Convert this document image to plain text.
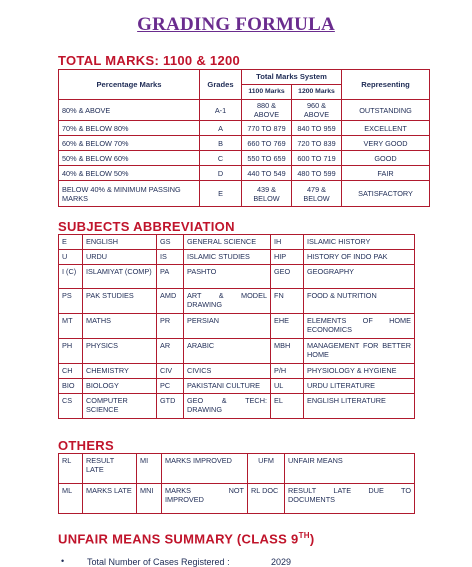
GRADING FORMULA
TOTAL MARKS: 1100 & 1200
Percentage Marks	Grades	Total Marks System		Representing
		1100 Marks	1200 Marks	
80% & ABOVE	A-1	880 & ABOVE	960 & ABOVE	OUTSTANDING
70% & BELOW 80%	A	770 TO 879	840 TO 959	EXCELLENT
60% & BELOW 70%	B	660 TO 769	720 TO 839	VERY GOOD
50% & BELOW 60%	C	550 TO 659	600 TO 719	GOOD
40% & BELOW 50%	D	440 TO 549	480 TO 599	FAIR
BELOW 40% & MINIMUM PASSING MARKS	E	439 & BELOW	479 & BELOW	SATISFACTORY
SUBJECTS ABBREVIATION
E	ENGLISH	GS	GENERAL SCIENCE	IH	ISLAMIC HISTORY
U	URDU	IS	ISLAMIC STUDIES	HIP	HISTORY OF INDO PAK
I (C)	ISLAMIYAT (COMP)	PA	PASHTO	GEO	GEOGRAPHY
PS	PAK STUDIES	AMD	ART & MODEL DRAWING	FN	FOOD & NUTRITION
MT	MATHS	PR	PERSIAN	EHE	ELEMENTS OF HOME ECONOMICS
PH	PHYSICS	AR	ARABIC	MBH	MANAGEMENT FOR BETTER HOME
CH	CHEMISTRY	CIV	CIVICS	P/H	PHYSIOLOGY & HYGIENE
BIO	BIOLOGY	PC	PAKISTANI CULTURE	UL	URDU LITERATURE
CS	COMPUTER SCIENCE	GTD	GEO & TECH: DRAWING	EL	ENGLISH LITERATURE
OTHERS
RL	RESULT LATE	MI	MARKS IMPROVED	UFM	UNFAIR MEANS
ML	MARKS LATE	MNI	MARKS NOT IMPROVED	RL DOC	RESULT LATE DUE TO DOCUMENTS
UNFAIR MEANS SUMMARY (CLASS 9TH)
•	Total Number of Cases Registered :	2029
